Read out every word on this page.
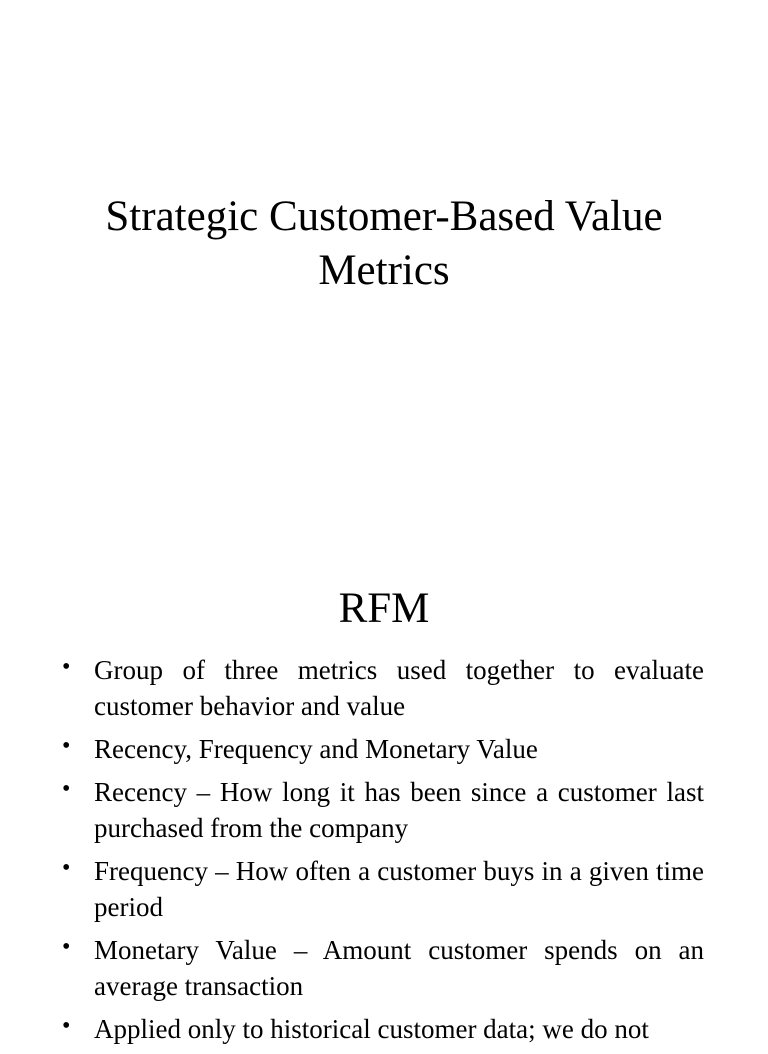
Strategic Customer-Based Value
Metrics
RFM
• Group of three metrics used together to evaluate customer behavior and value
• Recency, Frequency and Monetary Value
• Recency – How long it has been since a customer last purchased from the company
• Frequency – How often a customer buys in a given time period
• Monetary Value – Amount customer spends on an average transaction
• Applied only to historical customer data; we do not
